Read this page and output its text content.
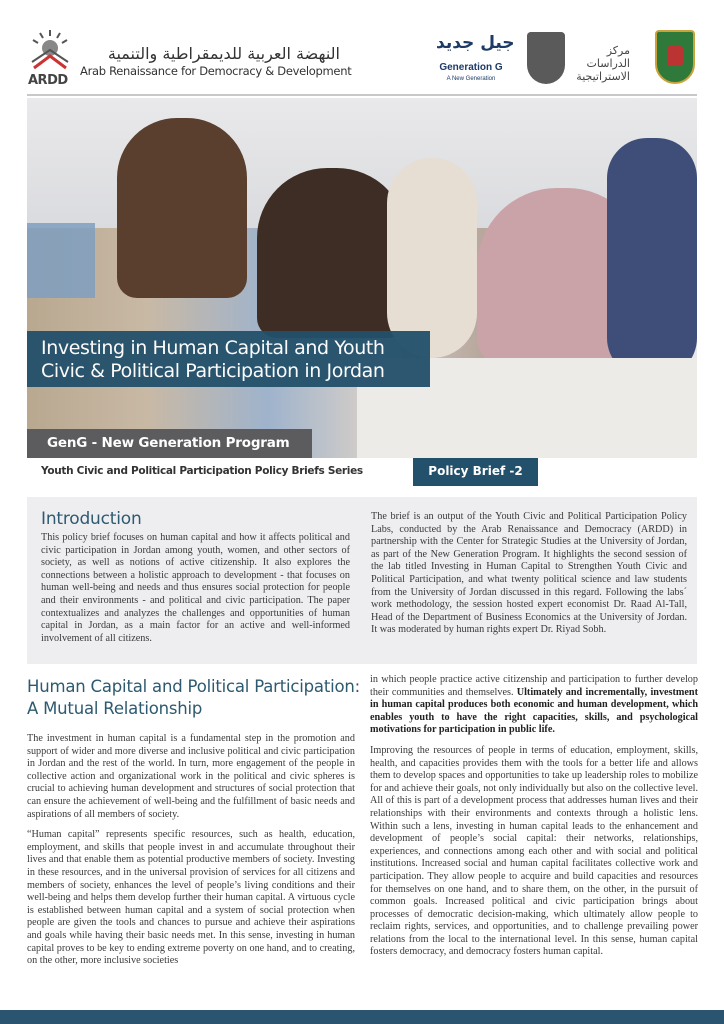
ARDD
النهضة العربية للديمقراطية والتنمية
Arab Renaissance for Democracy & Development
جيل جديد
Generation G
A New Generation
مركز الدراسات الاستراتيجية
Investing in Human Capital and Youth
Civic & Political Participation in Jordan
GenG - New Generation Program
Youth Civic and Political Participation Policy Briefs Series	Policy Brief -2
Introduction

This policy brief focuses on human capital and how it affects political and civic participation in Jordan among youth, women, and other sectors of society, as well as notions of active citizenship. It also explores the connections between a holistic approach to development - that focuses on human well-being and needs and thus ensures social protection for people and their environments - and political and civic participation. The paper contextualizes and analyzes the challenges and opportunities of human capital in Jordan, as a main factor for an active and well-informed involvement of all citizens.

The brief is an output of the Youth Civic and Political Participation Policy Labs, conducted by the Arab Renaissance and Democracy (ARDD) in partnership with the Center for Strategic Studies at the University of Jordan, as part of the New Generation Program. It highlights the second session of the lab titled Investing in Human Capital to Strengthen Youth Civic and Political Participation, and what twenty political science and law students from the University of Jordan discussed in this regard. Following the labs´ work methodology, the session hosted expert economist Dr. Raad Al-Tall, Head of the Department of Business Economics at the University of Jordan. It was moderated by human rights expert Dr. Riyad Sobh.

Human Capital and Political Participation:
A Mutual Relationship

The investment in human capital is a fundamental step in the promotion and support of wider and more diverse and inclusive political and civic participation in Jordan and the rest of the world. In turn, more engagement of the people in collective action and organizational work in the political and civic spheres is crucial to achieving human development and structures of social protection that can ensure the achievement of well-being and the fulfillment of basic needs and aspirations of all members of society.

“Human capital” represents specific resources, such as health, education, employment, and skills that people invest in and accumulate throughout their lives and that enable them as potential productive members of society. Investing in these resources, and in the universal provision of services for all citizens and members of society, enhances the level of people’s living conditions and their well-being and helps them develop further their human capital. A virtuous cycle is established between human capital and a system of social protection when people are given the tools and chances to pursue and achieve their aspirations and goals while having their basic needs met. In this sense, investing in human capital proves to be key to ending extreme poverty on one hand, and to creating, on the other, more inclusive societies

in which people practice active citizenship and participation to further develop their communities and themselves. Ultimately and incrementally, investment in human capital produces both economic and human development, which enables youth to have the right capacities, skills, and psychological motivations for participation in public life.

Improving the resources of people in terms of education, employment, skills, health, and capacities provides them with the tools for a better life and allows them to develop spaces and opportunities to take up leadership roles to mobilize for and achieve their goals, not only individually but also on the collective level. All of this is part of a development process that addresses human lives and their relationships with their environments and contexts through a holistic lens. Within such a lens, investing in human capital leads to the enhancement and development of people’s social capital: their networks, relationships, experiences, and connections among each other and with social and political institutions. Increased social and human capital facilitates collective work and participation. They allow people to acquire and build capacities and resources for themselves on one hand, and to share them, on the other, in the pursuit of common goals. Increased political and civic participation brings about processes of democratic decision-making, which ultimately allow people to reclaim rights, services, and opportunities, and to challenge prevailing power relations from the local to the international level. In this sense, human capital fosters democracy, and democracy fosters human capital.
